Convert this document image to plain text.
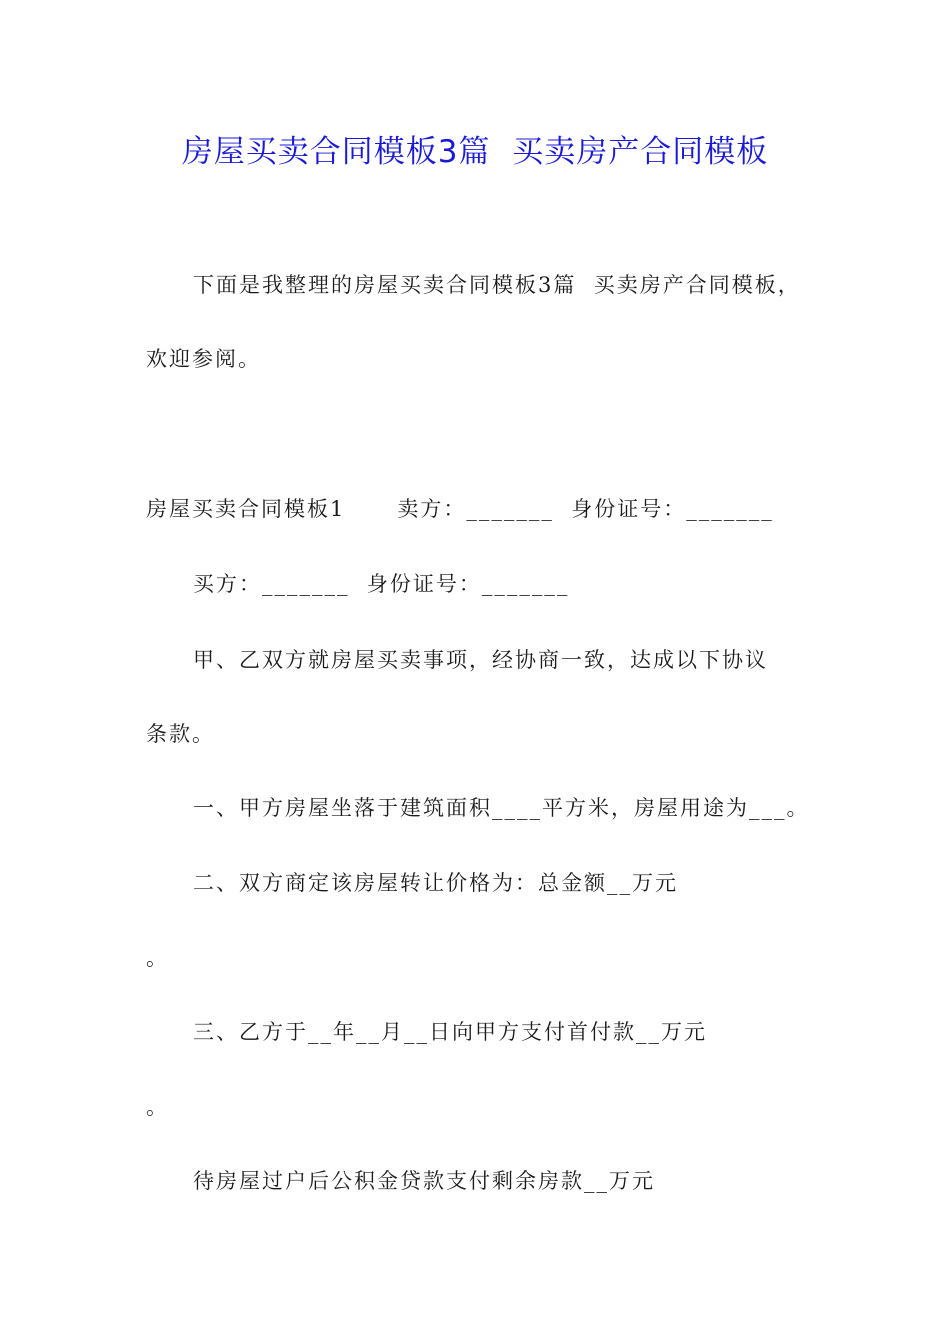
房屋买卖合同模板3篇  买卖房产合同模板
下面是我整理的房屋买卖合同模板3篇  买卖房产合同模板，
欢迎参阅。
房屋买卖合同模板1      卖方：_______  身份证号：_______
买方：_______  身份证号：_______
甲、乙双方就房屋买卖事项，经协商一致，达成以下协议
条款。
一、甲方房屋坐落于建筑面积____平方米，房屋用途为___。
二、双方商定该房屋转让价格为：总金额__万元
。
三、乙方于__年__月__日向甲方支付首付款__万元
。
待房屋过户后公积金贷款支付剩余房款__万元
